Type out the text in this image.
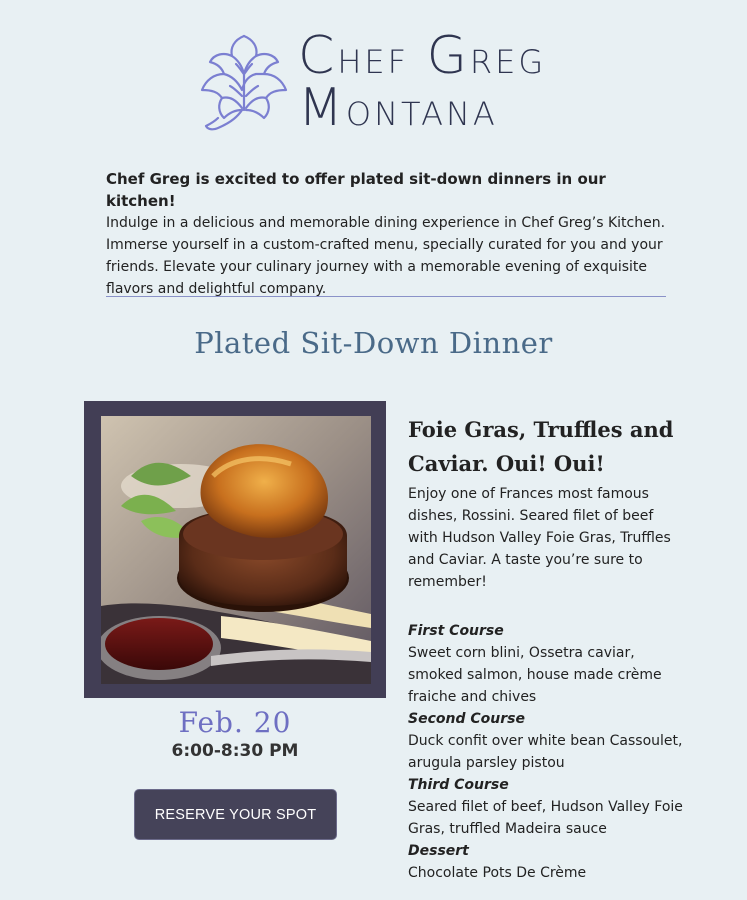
Chef Greg
Montana
Chef Greg is excited to offer plated sit-down dinners in our kitchen!
Indulge in a delicious and memorable dining experience in Chef Greg’s Kitchen. Immerse yourself in a custom-crafted menu, specially curated for you and your friends. Elevate your culinary journey with a memorable evening of exquisite flavors and delightful company.
Plated Sit-Down Dinner
Feb. 20
6:00-8:30 PM
RESERVE YOUR SPOT
Foie Gras, Truffles and Caviar. Oui! Oui!
Enjoy one of Frances most famous dishes, Rossini. Seared filet of beef with Hudson Valley Foie Gras, Truffles and Caviar. A taste you’re sure to remember!
First Course
Sweet corn blini, Ossetra caviar, smoked salmon, house made crème fraiche and chives
Second Course
Duck confit over white bean Cassoulet, arugula parsley pistou
Third Course
Seared filet of beef, Hudson Valley Foie Gras, truffled Madeira sauce
Dessert
Chocolate Pots De Crème
